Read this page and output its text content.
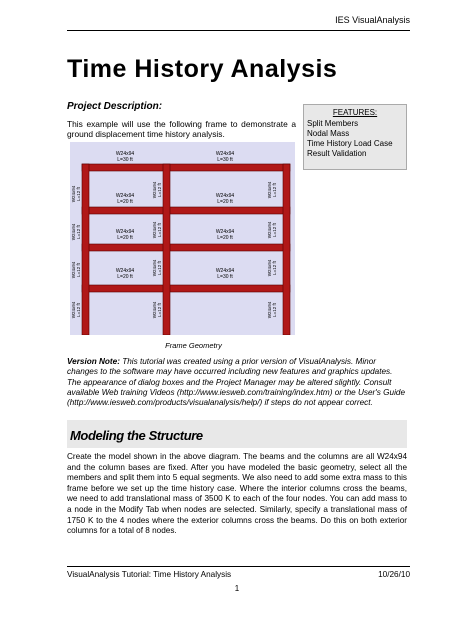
IES VisualAnalysis
Time History Analysis
Project Description:
This example will use the following frame to demonstrate a ground displacement time history analysis.
FEATURES:
Split Members
Nodal Mass
Time History Load Case
Result Validation
W24x94
L=30 ft
W24x94
L=30 ft
W24x94
L=20 ft
W24x94
L=20 ft
W24x94
L=20 ft
W24x94
L=20 ft
W24x94
L=20 ft
W24x94
L=30 ft
W24x94 L=12 ft
W24x94 L=12 ft
W24x94 L=12 ft
W24x94 L=12 ft
W24x94 L=12 ft
W24x94 L=12 ft
W24x94 L=12 ft
W24x94 L=12 ft
W24x94 L=12 ft
W24x94 L=12 ft
W24x94 L=12 ft
W24x94 L=12 ft
Frame Geometry
Version Note: This tutorial was created using a prior version of VisualAnalysis. Minor changes to the software may have occurred including new features and graphics updates. The appearance of dialog boxes and the Project Manager may be altered slightly. Consult available Web training Videos (http://www.iesweb.com/training/index.htm) or the User's Guide (http://www.iesweb.com/products/visualanalysis/help/) if steps do not appear correct.
Modeling the Structure
Create the model shown in the above diagram. The beams and the columns are all W24x94 and the column bases are fixed. After you have modeled the basic geometry, select all the members and split them into 5 equal segments. We also need to add some extra mass to this frame before we set up the time history case. Where the interior columns cross the beams, we need to add translational mass of 3500 K to each of the four nodes. You can add mass to a node in the Modify Tab when nodes are selected. Similarly, specify a translational mass of 1750 K to the 4 nodes where the exterior columns cross the beams. Do this on both exterior columns for a total of 8 nodes.
VisualAnalysis Tutorial: Time History Analysis	10/26/10
1
